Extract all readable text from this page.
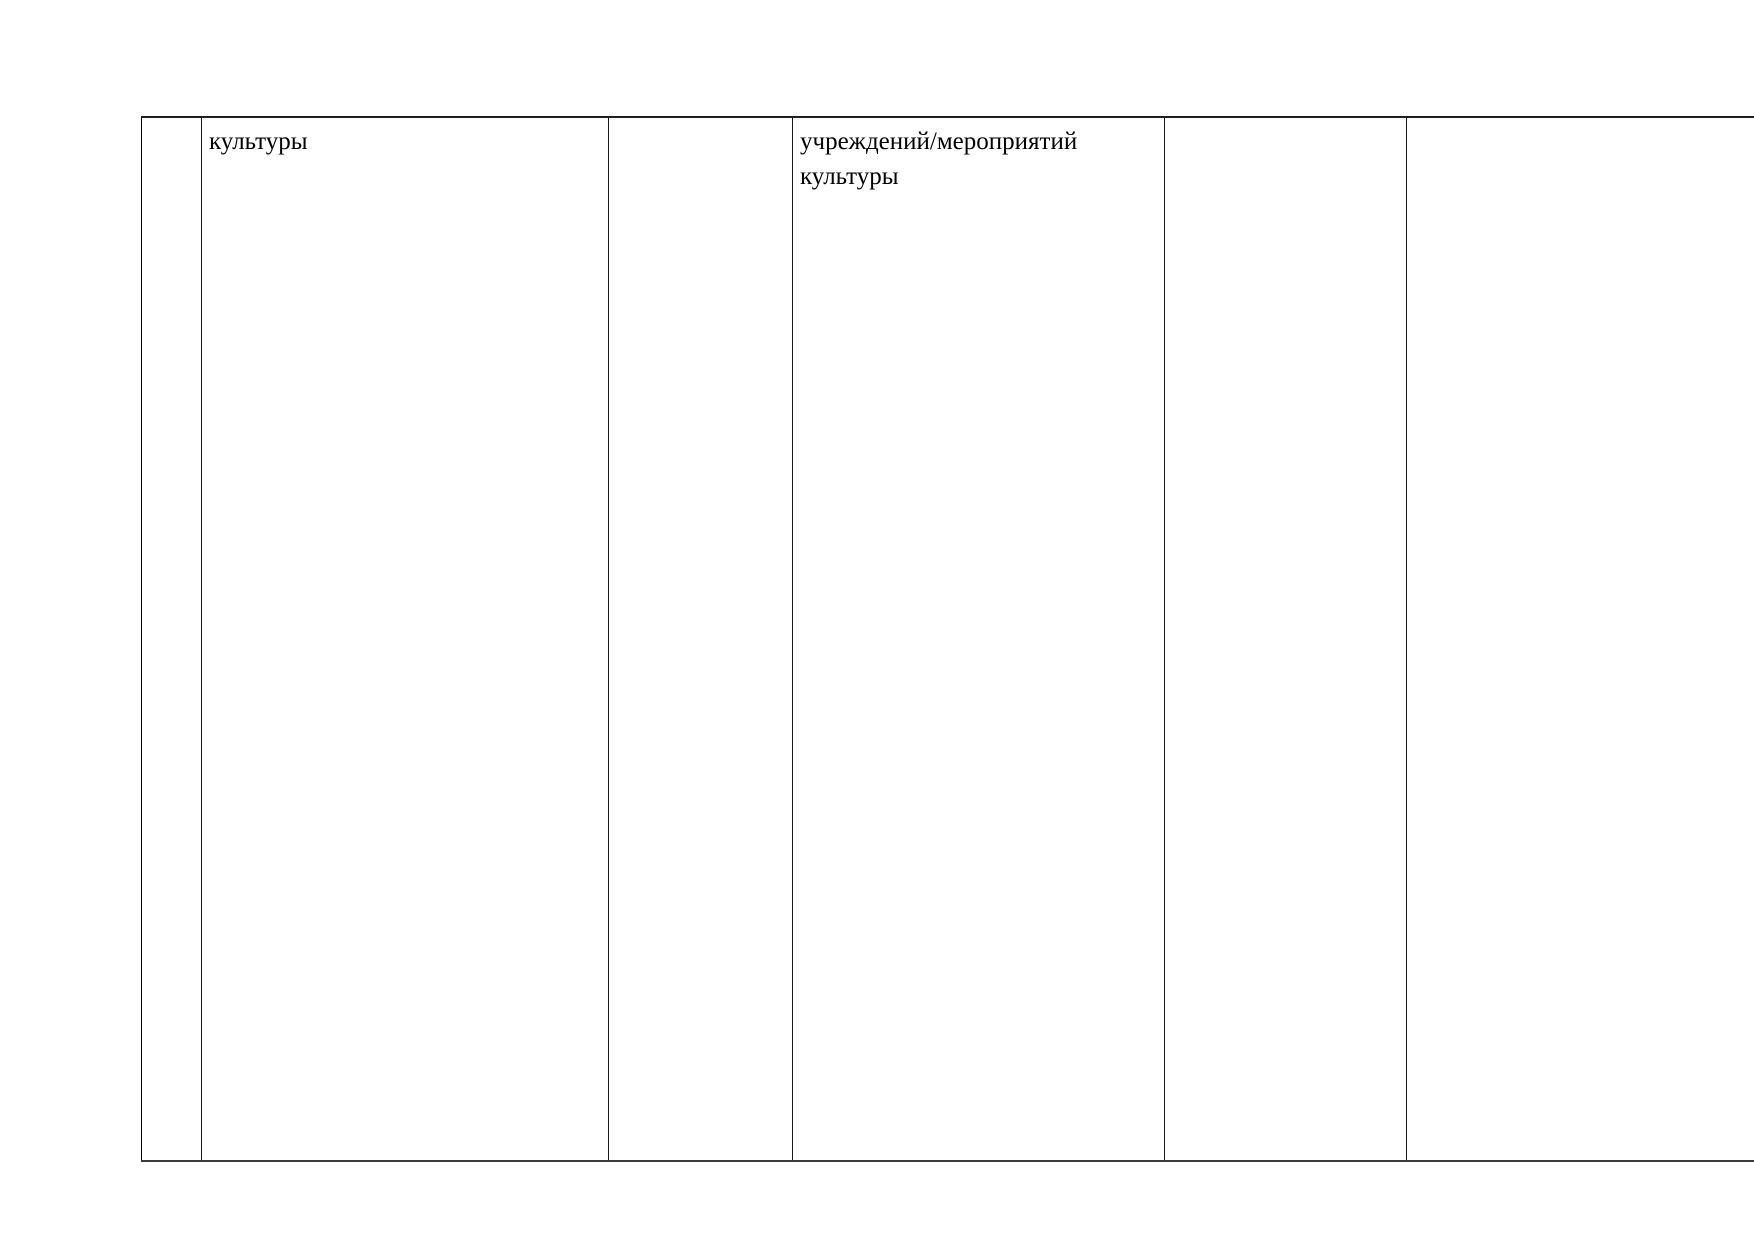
	культуры		учреждений/мероприятий культуры		
